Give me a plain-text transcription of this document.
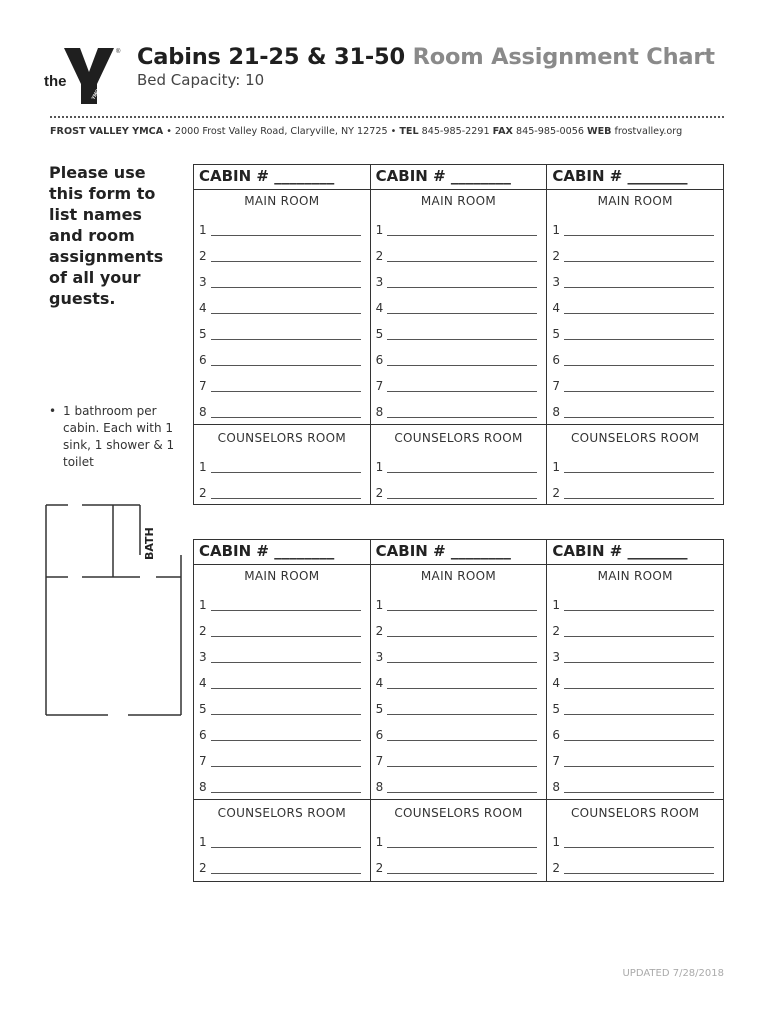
the
YMCA
® Cabins 21-25 & 31-50 Room Assignment Chart
Bed Capacity: 10
FROST VALLEY YMCA • 2000 Frost Valley Road, Claryville, NY 12725 • TEL 845-985-2291 FAX 845-985-0056 WEB frostvalley.org
Please use this form to list names and room assignments of all your guests.
• 1 bathroom per cabin. Each with 1 sink, 1 shower & 1 toilet
BATH
CABIN # ________
MAIN ROOM
1
2
3
4
5
6
7
8
COUNSELORS ROOM
1
2
CABIN # ________
MAIN ROOM
1
2
3
4
5
6
7
8
COUNSELORS ROOM
1
2
CABIN # ________
MAIN ROOM
1
2
3
4
5
6
7
8
COUNSELORS ROOM
1
2
CABIN # ________
MAIN ROOM
1
2
3
4
5
6
7
8
COUNSELORS ROOM
1
2
CABIN # ________
MAIN ROOM
1
2
3
4
5
6
7
8
COUNSELORS ROOM
1
2
CABIN # ________
MAIN ROOM
1
2
3
4
5
6
7
8
COUNSELORS ROOM
1
2
UPDATED 7/28/2018
